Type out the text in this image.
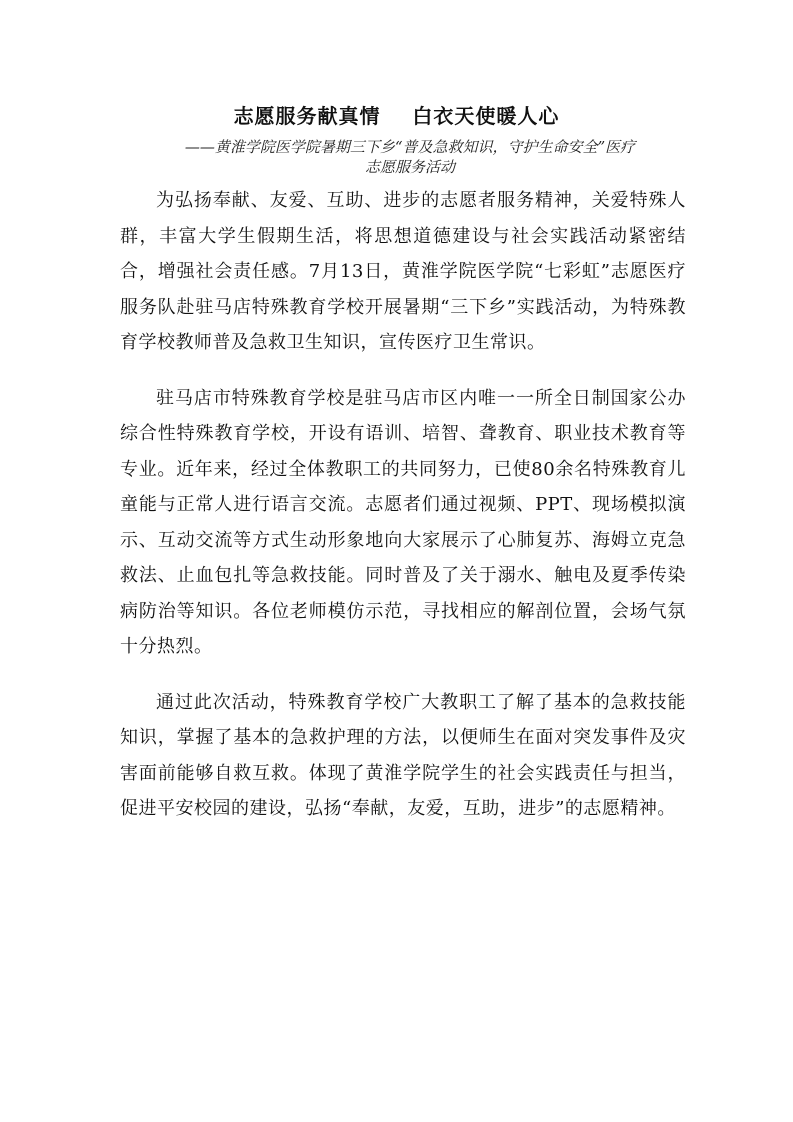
志愿服务献真情    白衣天使暖人心
——黄淮学院医学院暑期三下乡“普及急救知识，守护生命安全”医疗
志愿服务活动

为弘扬奉献、友爱、互助、进步的志愿者服务精神，关爱特殊人群，丰富大学生假期生活，将思想道德建设与社会实践活动紧密结合，增强社会责任感。7月13日，黄淮学院医学院“七彩虹”志愿医疗服务队赴驻马店特殊教育学校开展暑期“三下乡”实践活动，为特殊教育学校教师普及急救卫生知识，宣传医疗卫生常识。

驻马店市特殊教育学校是驻马店市区内唯一一所全日制国家公办综合性特殊教育学校，开设有语训、培智、聋教育、职业技术教育等专业。近年来，经过全体教职工的共同努力，已使80余名特殊教育儿童能与正常人进行语言交流。志愿者们通过视频、PPT、现场模拟演示、互动交流等方式生动形象地向大家展示了心肺复苏、海姆立克急救法、止血包扎等急救技能。同时普及了关于溺水、触电及夏季传染病防治等知识。各位老师模仿示范，寻找相应的解剖位置，会场气氛十分热烈。

通过此次活动，特殊教育学校广大教职工了解了基本的急救技能知识，掌握了基本的急救护理的方法，以便师生在面对突发事件及灾害面前能够自救互救。体现了黄淮学院学生的社会实践责任与担当，促进平安校园的建设，弘扬“奉献，友爱，互助，进步”的志愿精神。
